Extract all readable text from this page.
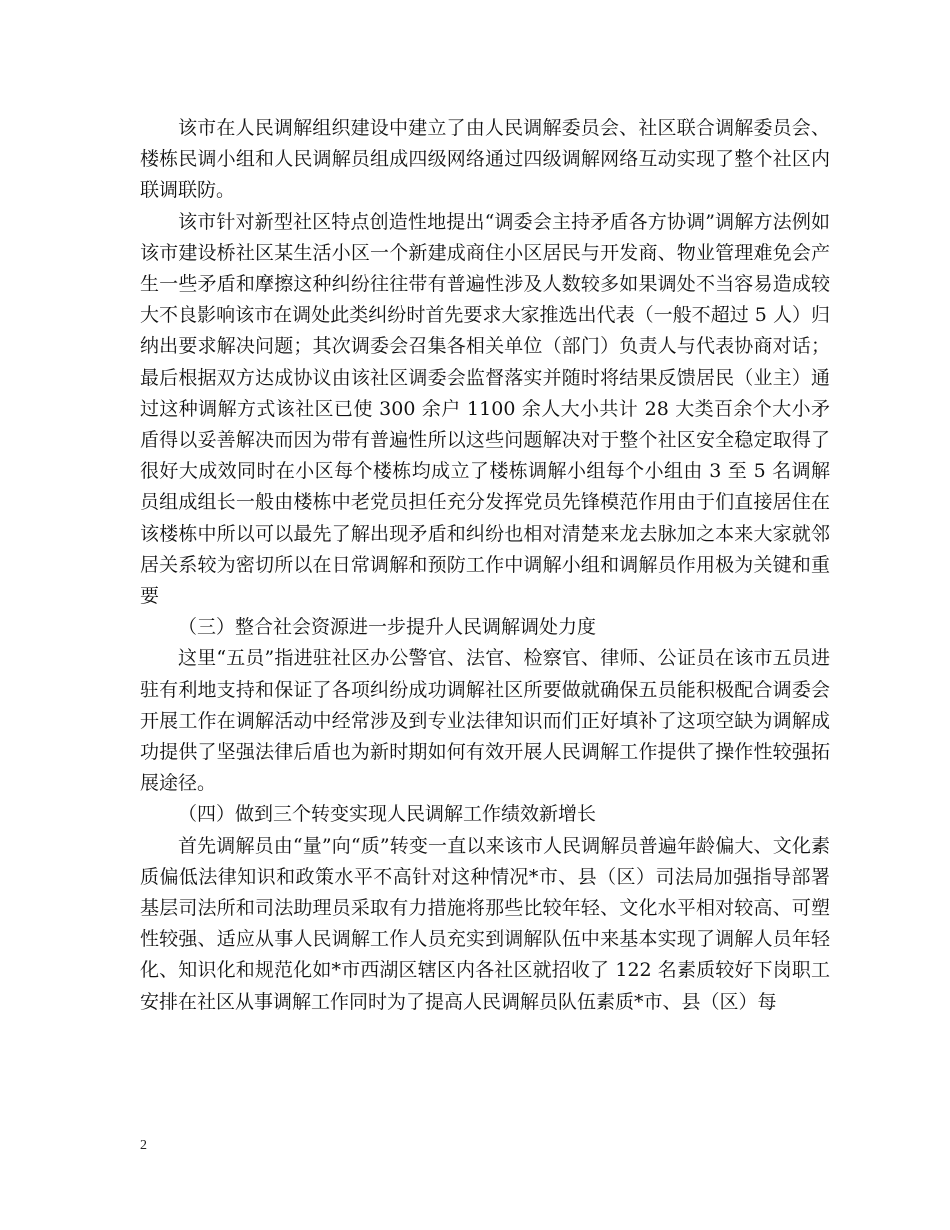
该市在人民调解组织建设中建立了由人民调解委员会、社区联合调解委员会、楼栋民调小组和人民调解员组成四级网络通过四级调解网络互动实现了整个社区内联调联防。

该市针对新型社区特点创造性地提出“调委会主持矛盾各方协调”调解方法例如该市建设桥社区某生活小区一个新建成商住小区居民与开发商、物业管理难免会产生一些矛盾和摩擦这种纠纷往往带有普遍性涉及人数较多如果调处不当容易造成较大不良影响该市在调处此类纠纷时首先要求大家推选出代表（一般不超过 5 人）归纳出要求解决问题；其次调委会召集各相关单位（部门）负责人与代表协商对话；最后根据双方达成协议由该社区调委会监督落实并随时将结果反馈居民（业主）通过这种调解方式该社区已使 300 余户 1100 余人大小共计 28 大类百余个大小矛盾得以妥善解决而因为带有普遍性所以这些问题解决对于整个社区安全稳定取得了很好大成效同时在小区每个楼栋均成立了楼栋调解小组每个小组由 3 至 5 名调解员组成组长一般由楼栋中老党员担任充分发挥党员先锋模范作用由于们直接居住在该楼栋中所以可以最先了解出现矛盾和纠纷也相对清楚来龙去脉加之本来大家就邻居关系较为密切所以在日常调解和预防工作中调解小组和调解员作用极为关键和重要

（三）整合社会资源进一步提升人民调解调处力度

这里“五员”指进驻社区办公警官、法官、检察官、律师、公证员在该市五员进驻有利地支持和保证了各项纠纷成功调解社区所要做就确保五员能积极配合调委会开展工作在调解活动中经常涉及到专业法律知识而们正好填补了这项空缺为调解成功提供了坚强法律后盾也为新时期如何有效开展人民调解工作提供了操作性较强拓展途径。

（四）做到三个转变实现人民调解工作绩效新增长

首先调解员由“量”向“质”转变一直以来该市人民调解员普遍年龄偏大、文化素质偏低法律知识和政策水平不高针对这种情况*市、县（区）司法局加强指导部署基层司法所和司法助理员采取有力措施将那些比较年轻、文化水平相对较高、可塑性较强、适应从事人民调解工作人员充实到调解队伍中来基本实现了调解人员年轻化、知识化和规范化如*市西湖区辖区内各社区就招收了 122 名素质较好下岗职工安排在社区从事调解工作同时为了提高人民调解员队伍素质*市、县（区）每

2
